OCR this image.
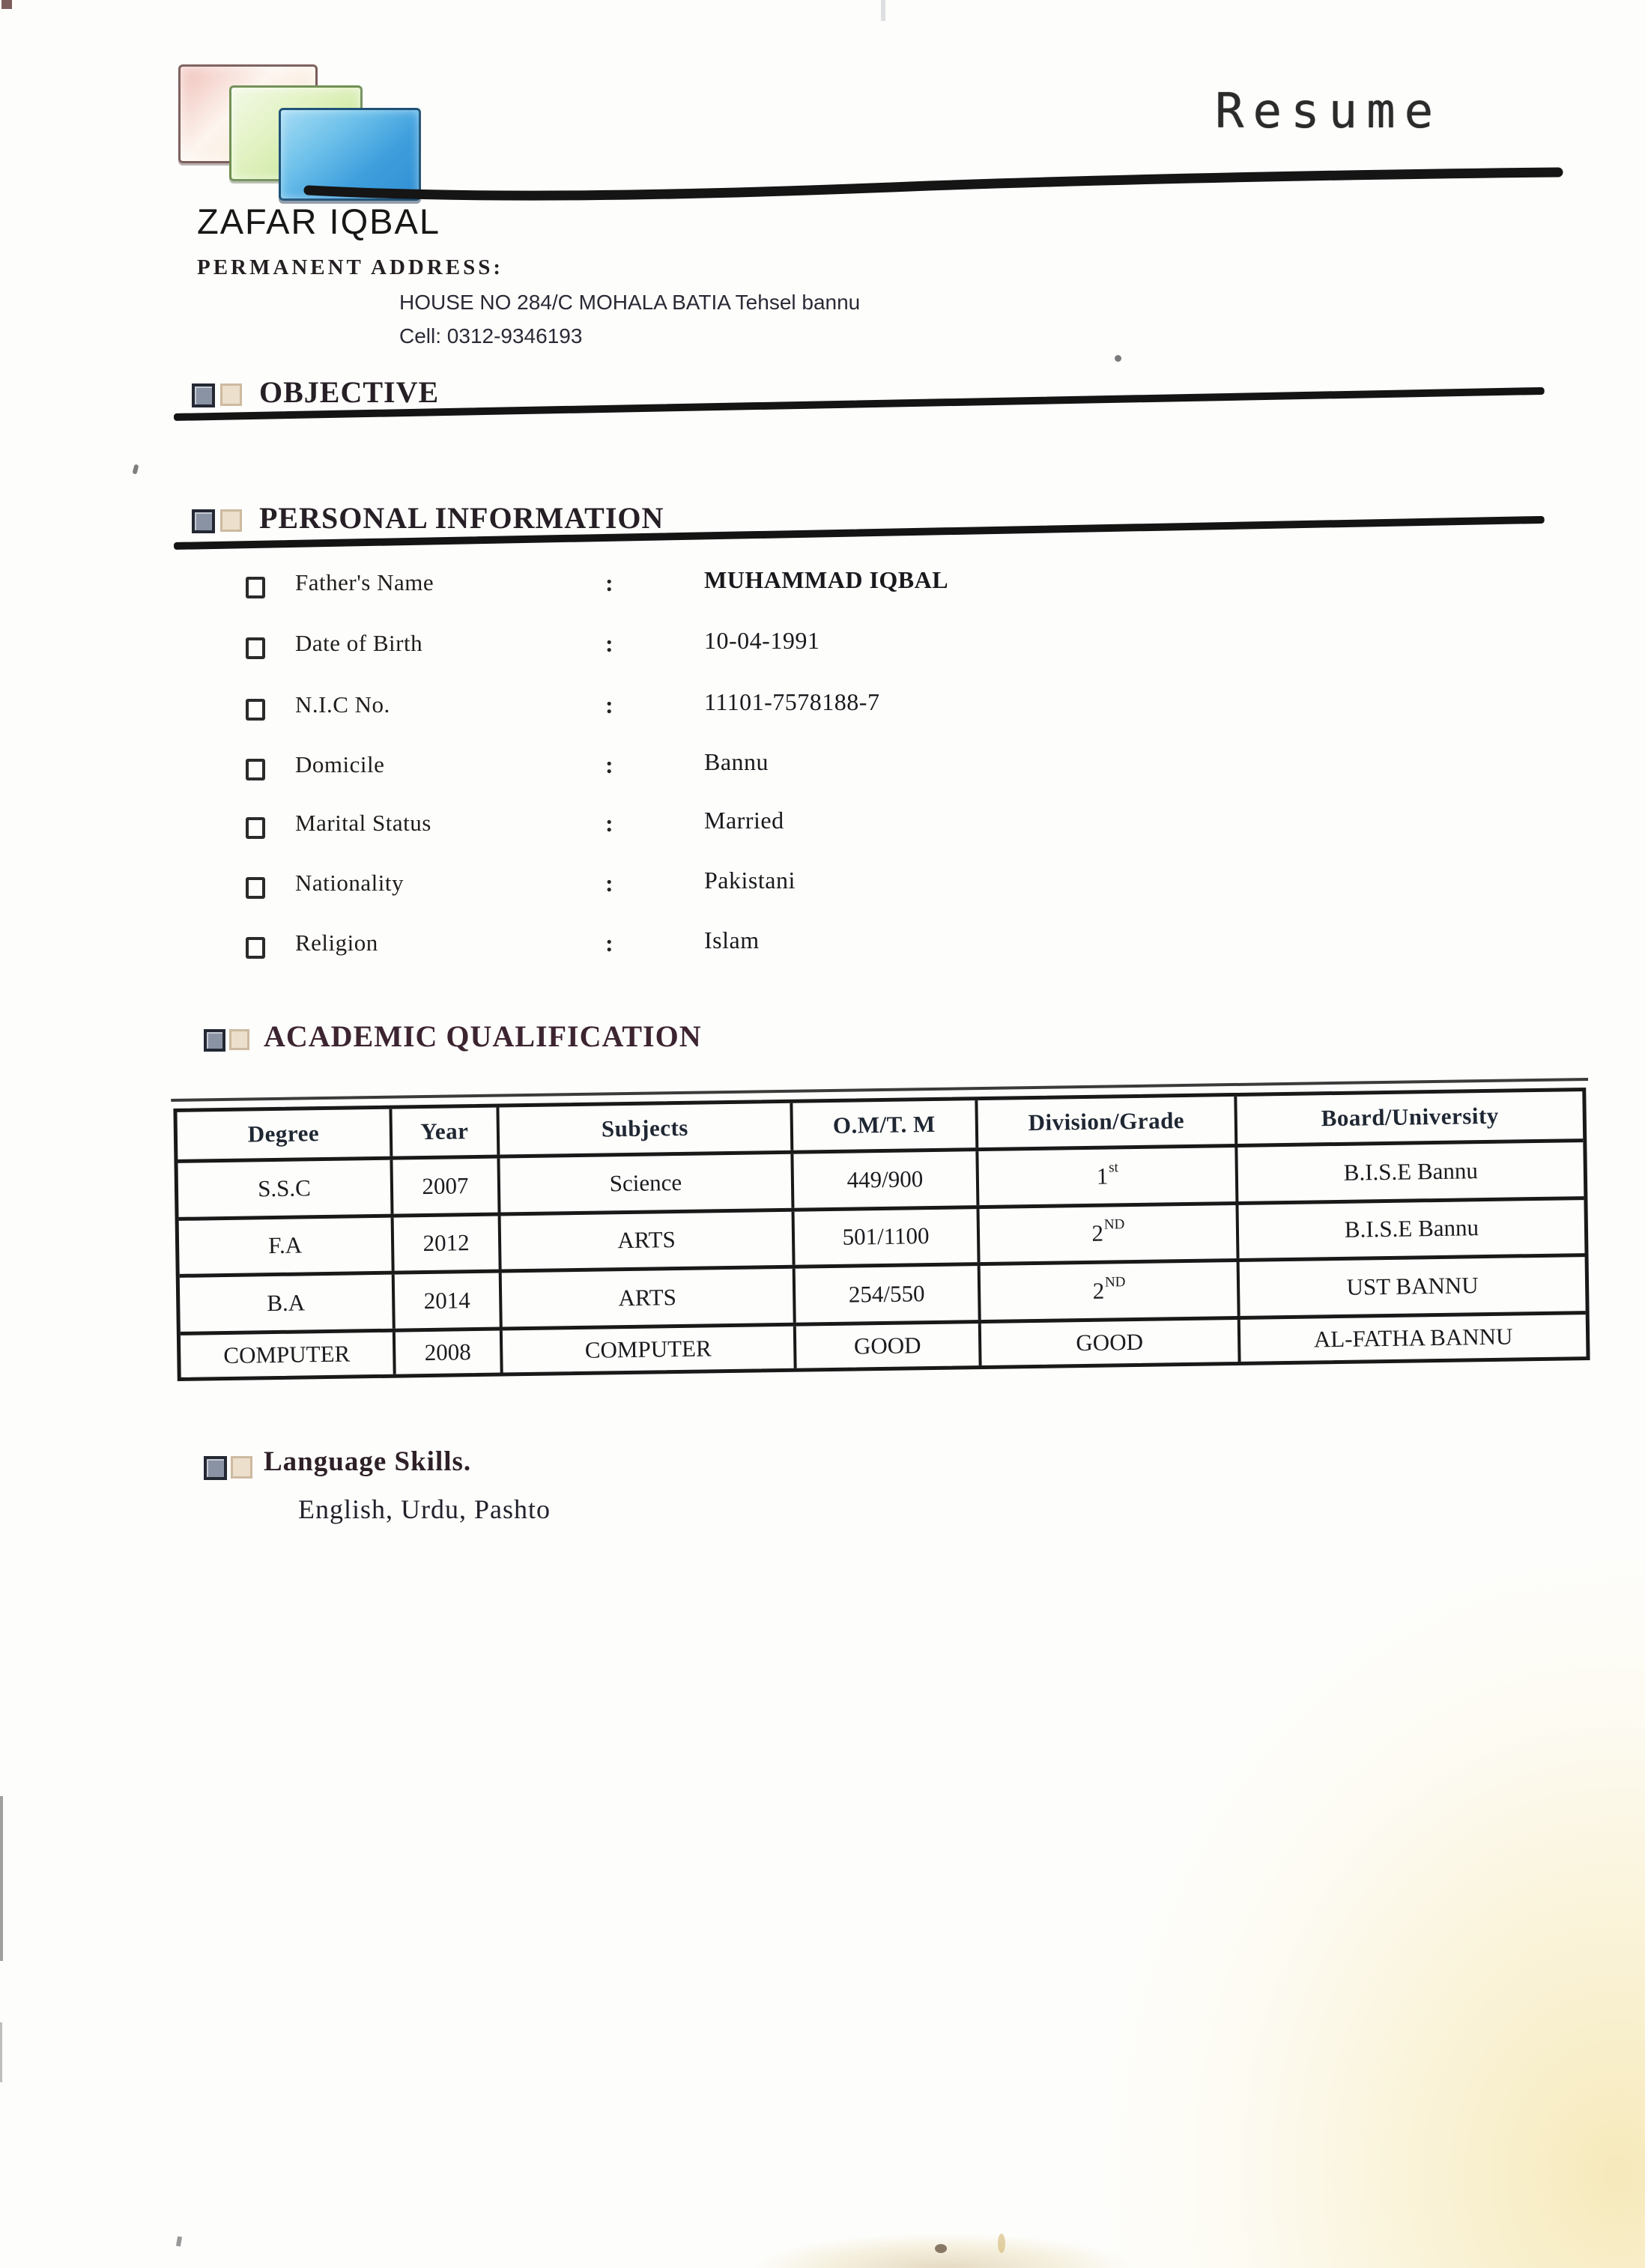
Resume
ZAFAR IQBAL
PERMANENT ADDRESS:
HOUSE NO 284/C MOHALA BATIA Tehsel bannu
Cell: 0312-9346193
OBJECTIVE
PERSONAL INFORMATION
Father's Name	:	MUHAMMAD IQBAL
Date of Birth	:	10-04-1991
N.I.C No.	:	11101-7578188-7
Domicile	:	Bannu
Marital Status	:	Married
Nationality	:	Pakistani
Religion	:	Islam
ACADEMIC QUALIFICATION
Degree	Year	Subjects	O.M/T. M	Division/Grade	Board/University
S.S.C	2007	Science	449/900	1 st	B.I.S.E Bannu
F.A	2012	ARTS	501/1100	2 ND	B.I.S.E Bannu
B.A	2014	ARTS	254/550	2 ND	UST BANNU
COMPUTER	2008	COMPUTER	GOOD	GOOD	AL-FATHA BANNU
Language Skills.
English, Urdu, Pashto
